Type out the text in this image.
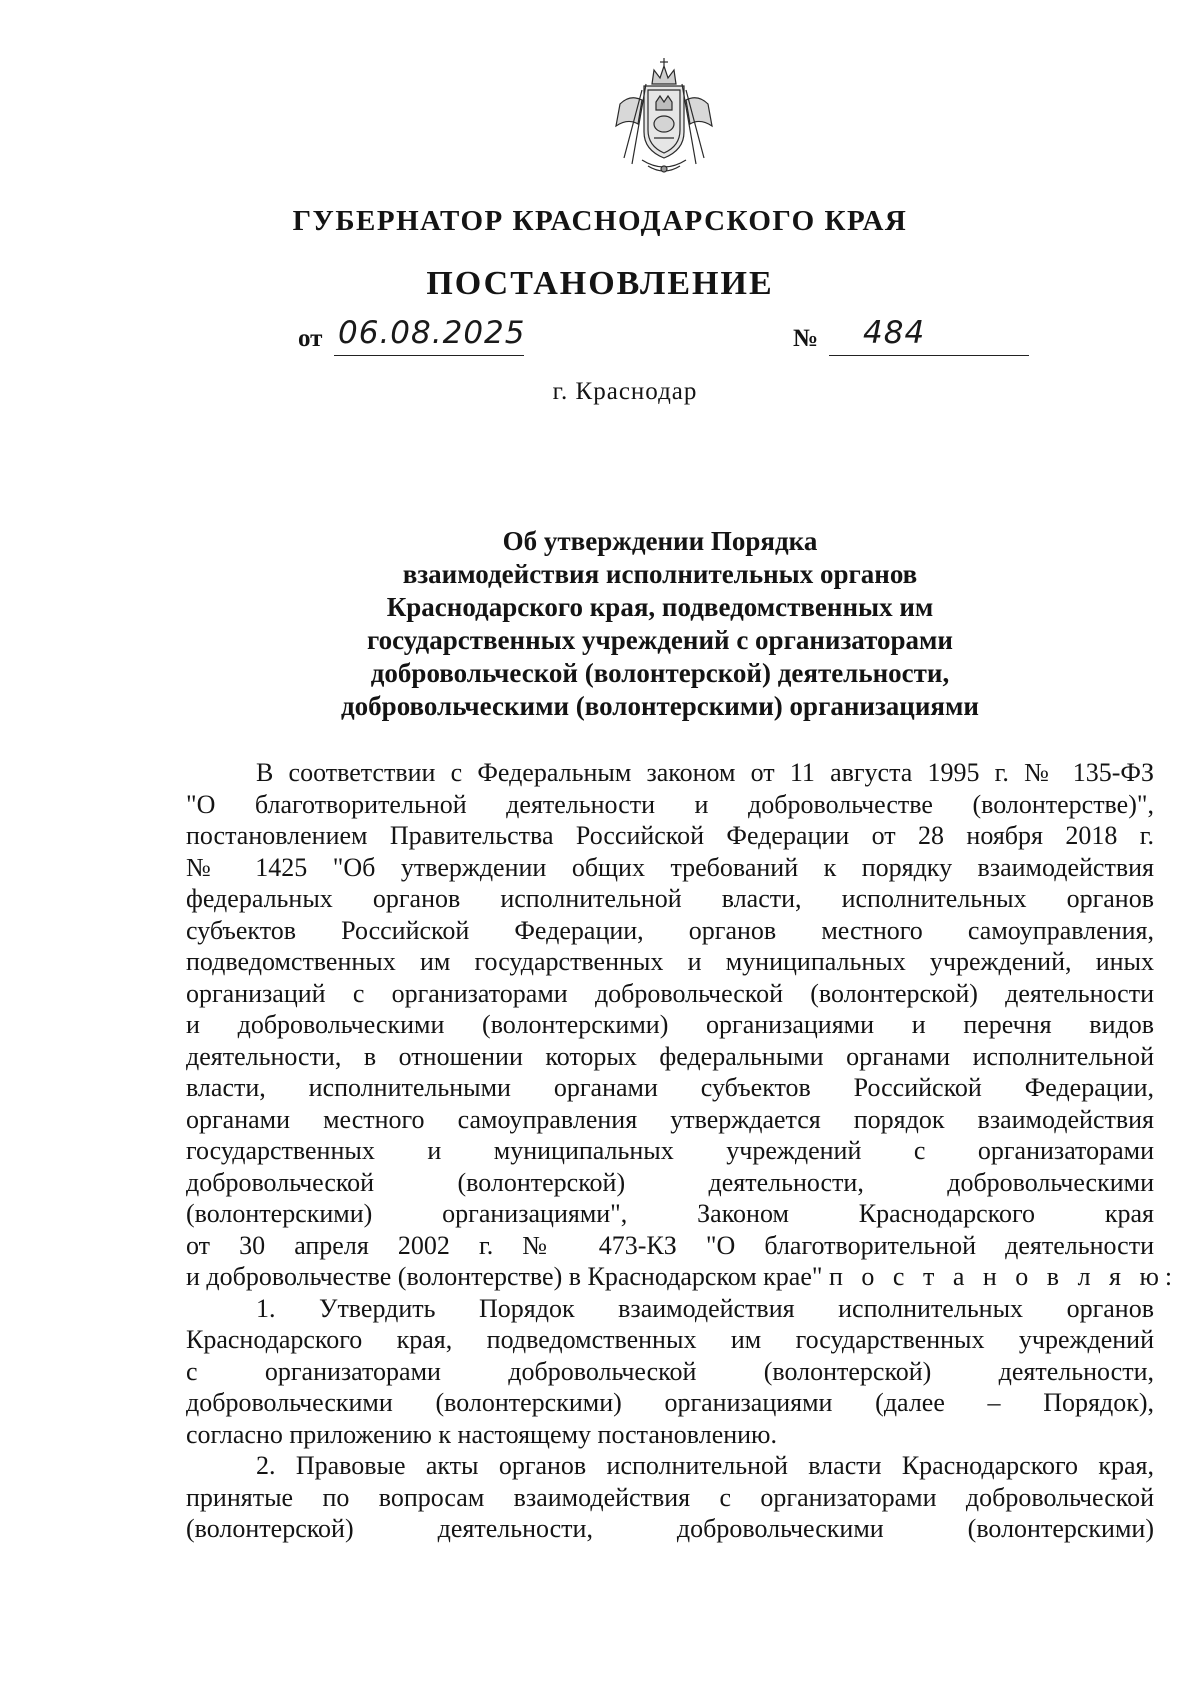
ГУБЕРНАТОР КРАСНОДАРСКОГО КРАЯ
ПОСТАНОВЛЕНИЕ
от 06.08.2025	№ 484
г. Краснодар
Об утверждении Порядка
взаимодействия исполнительных органов
Краснодарского края, подведомственных им
государственных учреждений с организаторами
добровольческой (волонтерской) деятельности,
добровольческими (волонтерскими) организациями
В соответствии с Федеральным законом от 11 августа 1995 г. № 135-ФЗ
"О благотворительной деятельности и добровольчестве (волонтерстве)",
постановлением Правительства Российской Федерации от 28 ноября 2018 г.
№ 1425 "Об утверждении общих требований к порядку взаимодействия
федеральных органов исполнительной власти, исполнительных органов
субъектов Российской Федерации, органов местного самоуправления,
подведомственных им государственных и муниципальных учреждений, иных
организаций с организаторами добровольческой (волонтерской) деятельности
и добровольческими (волонтерскими) организациями и перечня видов
деятельности, в отношении которых федеральными органами исполнительной
власти, исполнительными органами субъектов Российской Федерации,
органами местного самоуправления утверждается порядок взаимодействия
государственных и муниципальных учреждений с организаторами
добровольческой (волонтерской) деятельности, добровольческими
(волонтерскими) организациями", Законом Краснодарского края
от 30 апреля 2002 г. № 473-КЗ "О благотворительной деятельности
и добровольчестве (волонтерстве) в Краснодарском крае" п о с т а н о в л я ю:
1. Утвердить Порядок взаимодействия исполнительных органов
Краснодарского края, подведомственных им государственных учреждений
с организаторами добровольческой (волонтерской) деятельности,
добровольческими (волонтерскими) организациями (далее – Порядок),
согласно приложению к настоящему постановлению.
2. Правовые акты органов исполнительной власти Краснодарского края,
принятые по вопросам взаимодействия с организаторами добровольческой
(волонтерской) деятельности, добровольческими (волонтерскими)
